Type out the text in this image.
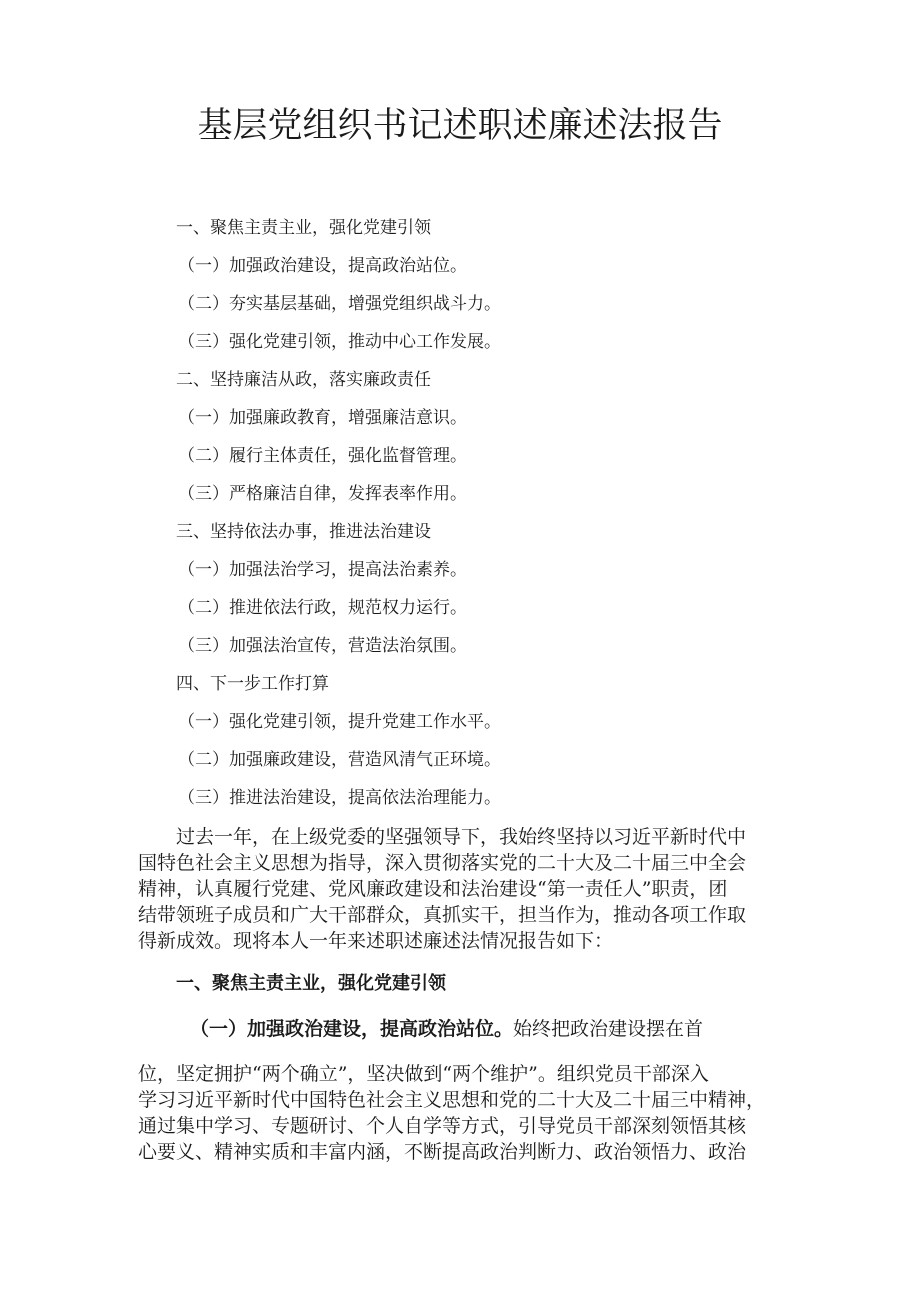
基层党组织书记述职述廉述法报告
一、聚焦主责主业，强化党建引领
（一）加强政治建设，提高政治站位。
（二）夯实基层基础，增强党组织战斗力。
（三）强化党建引领，推动中心工作发展。
二、坚持廉洁从政，落实廉政责任
（一）加强廉政教育，增强廉洁意识。
（二）履行主体责任，强化监督管理。
（三）严格廉洁自律，发挥表率作用。
三、坚持依法办事，推进法治建设
（一）加强法治学习，提高法治素养。
（二）推进依法行政，规范权力运行。
（三）加强法治宣传，营造法治氛围。
四、下一步工作打算
（一）强化党建引领，提升党建工作水平。
（二）加强廉政建设，营造风清气正环境。
（三）推进法治建设，提高依法治理能力。
过去一年，在上级党委的坚强领导下，我始终坚持以习近平新时代中
国特色社会主义思想为指导，深入贯彻落实党的二十大及二十届三中全会
精神，认真履行党建、党风廉政建设和法治建设“第一责任人”职责，团
结带领班子成员和广大干部群众，真抓实干，担当作为，推动各项工作取
得新成效。现将本人一年来述职述廉述法情况报告如下：
一、聚焦主责主业，强化党建引领
（一）加强政治建设，提高政治站位。始终把政治建设摆在首
位，坚定拥护“两个确立”，坚决做到“两个维护”。组织党员干部深入
学习习近平新时代中国特色社会主义思想和党的二十大及二十届三中精神，
通过集中学习、专题研讨、个人自学等方式，引导党员干部深刻领悟其核
心要义、精神实质和丰富内涵，不断提高政治判断力、政治领悟力、政治
